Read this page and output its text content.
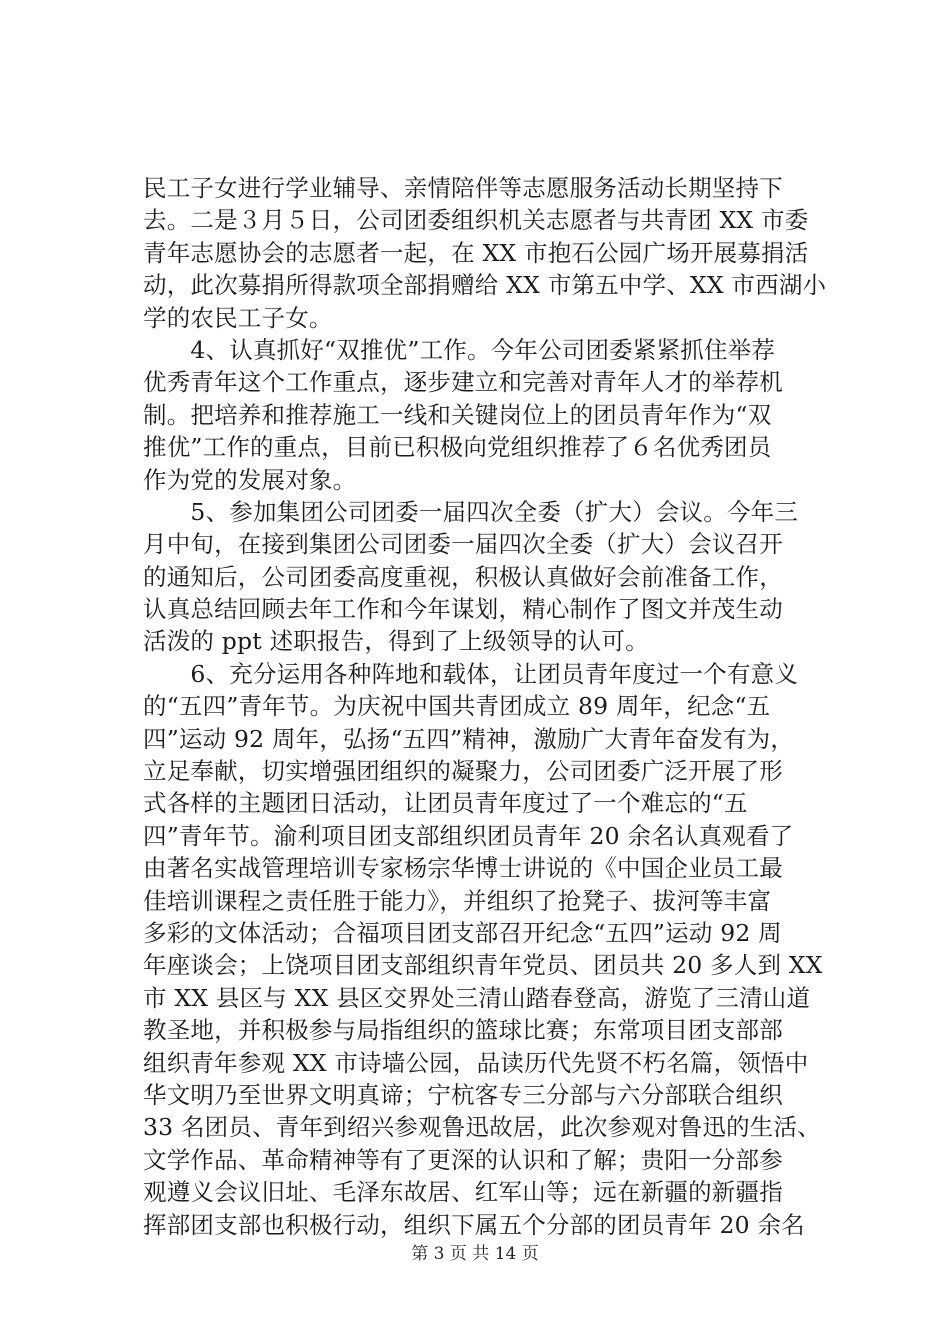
民工子女进行学业辅导、亲情陪伴等志愿服务活动长期坚持下
去。二是３月５日，公司团委组织机关志愿者与共青团 XX 市委
青年志愿协会的志愿者一起，在 XX 市抱石公园广场开展募捐活
动，此次募捐所得款项全部捐赠给 XX 市第五中学、XX 市西湖小
学的农民工子女。
　　4、认真抓好“双推优”工作。今年公司团委紧紧抓住举荐
优秀青年这个工作重点，逐步建立和完善对青年人才的举荐机
制。把培养和推荐施工一线和关键岗位上的团员青年作为“双
推优”工作的重点，目前已积极向党组织推荐了６名优秀团员
作为党的发展对象。
　　5、参加集团公司团委一届四次全委（扩大）会议。今年三
月中旬，在接到集团公司团委一届四次全委（扩大）会议召开
的通知后，公司团委高度重视，积极认真做好会前准备工作，
认真总结回顾去年工作和今年谋划，精心制作了图文并茂生动
活泼的 ppt 述职报告，得到了上级领导的认可。
　　6、充分运用各种阵地和载体，让团员青年度过一个有意义
的“五四”青年节。为庆祝中国共青团成立 89 周年，纪念“五
四”运动 92 周年，弘扬“五四”精神，激励广大青年奋发有为，
立足奉献，切实增强团组织的凝聚力，公司团委广泛开展了形
式各样的主题团日活动，让团员青年度过了一个难忘的“五
四”青年节。渝利项目团支部组织团员青年 20 余名认真观看了
由著名实战管理培训专家杨宗华博士讲说的《中国企业员工最
佳培训课程之责任胜于能力》，并组织了抢凳子、拔河等丰富
多彩的文体活动；合福项目团支部召开纪念“五四”运动 92 周
年座谈会；上饶项目团支部组织青年党员、团员共 20 多人到 XX
市 XX 县区与 XX 县区交界处三清山踏春登高，游览了三清山道
教圣地，并积极参与局指组织的篮球比赛；东常项目团支部部
组织青年参观 XX 市诗墙公园，品读历代先贤不朽名篇，领悟中
华文明乃至世界文明真谛；宁杭客专三分部与六分部联合组织
33 名团员、青年到绍兴参观鲁迅故居，此次参观对鲁迅的生活、
文学作品、革命精神等有了更深的认识和了解；贵阳一分部参
观遵义会议旧址、毛泽东故居、红军山等；远在新疆的新疆指
挥部团支部也积极行动，组织下属五个分部的团员青年 20 余名
第 3 页 共 14 页
